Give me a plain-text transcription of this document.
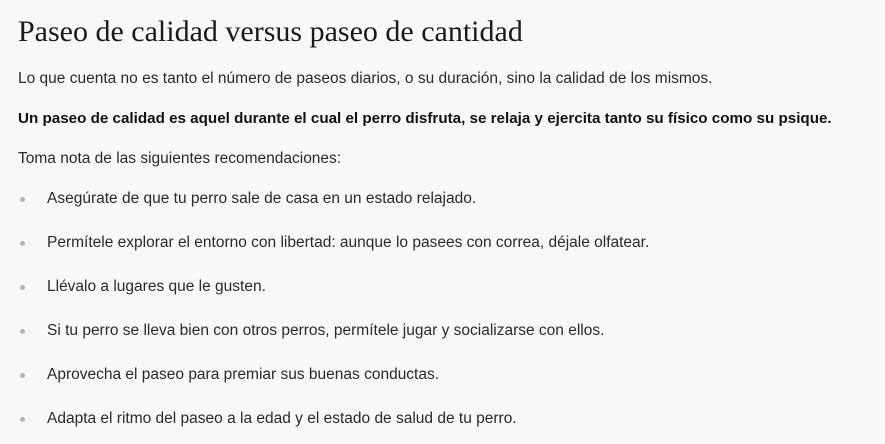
Paseo de calidad versus paseo de cantidad

Lo que cuenta no es tanto el número de paseos diarios, o su duración, sino la calidad de los mismos.

Un paseo de calidad es aquel durante el cual el perro disfruta, se relaja y ejercita tanto su físico como su psique.

Toma nota de las siguientes recomendaciones:

Asegúrate de que tu perro sale de casa en un estado relajado.
Permítele explorar el entorno con libertad: aunque lo pasees con correa, déjale olfatear.
Llévalo a lugares que le gusten.
Si tu perro se lleva bien con otros perros, permítele jugar y socializarse con ellos.
Aprovecha el paseo para premiar sus buenas conductas.
Adapta el ritmo del paseo a la edad y el estado de salud de tu perro.
